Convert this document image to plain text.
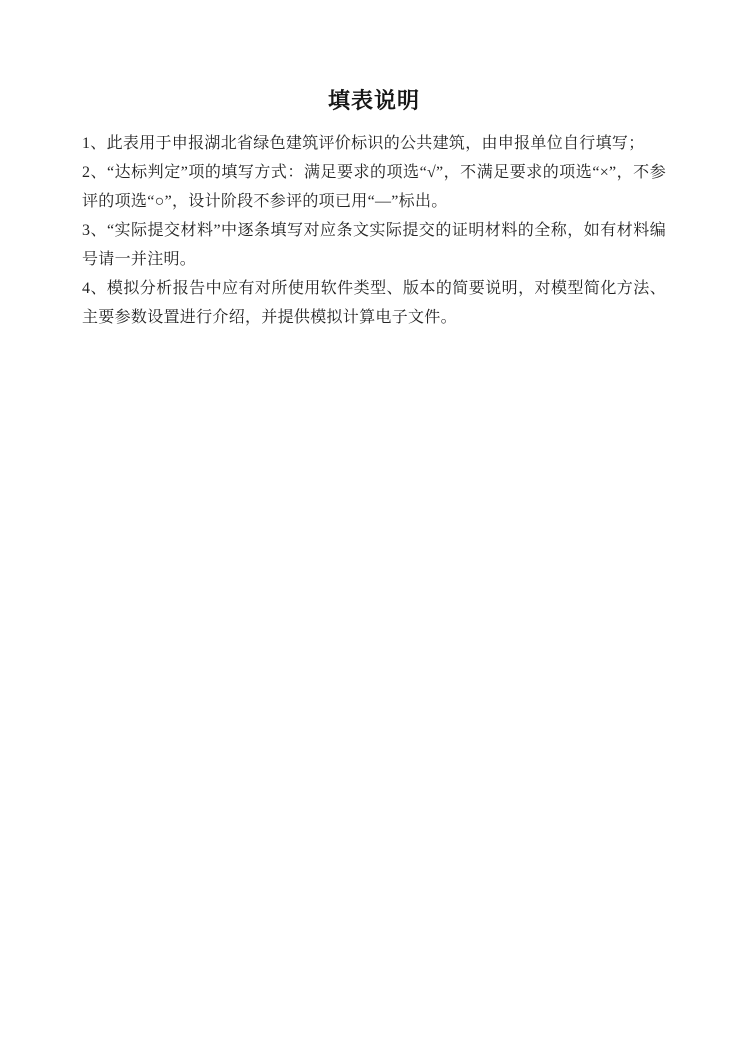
填表说明

1、此表用于申报湖北省绿色建筑评价标识的公共建筑，由申报单位自行填写；

2、“达标判定”项的填写方式：满足要求的项选“√”，不满足要求的项选“×”，不参评的项选“○”，设计阶段不参评的项已用“—”标出。

3、“实际提交材料”中逐条填写对应条文实际提交的证明材料的全称，如有材料编号请一并注明。

4、模拟分析报告中应有对所使用软件类型、版本的简要说明，对模型简化方法、主要参数设置进行介绍，并提供模拟计算电子文件。
